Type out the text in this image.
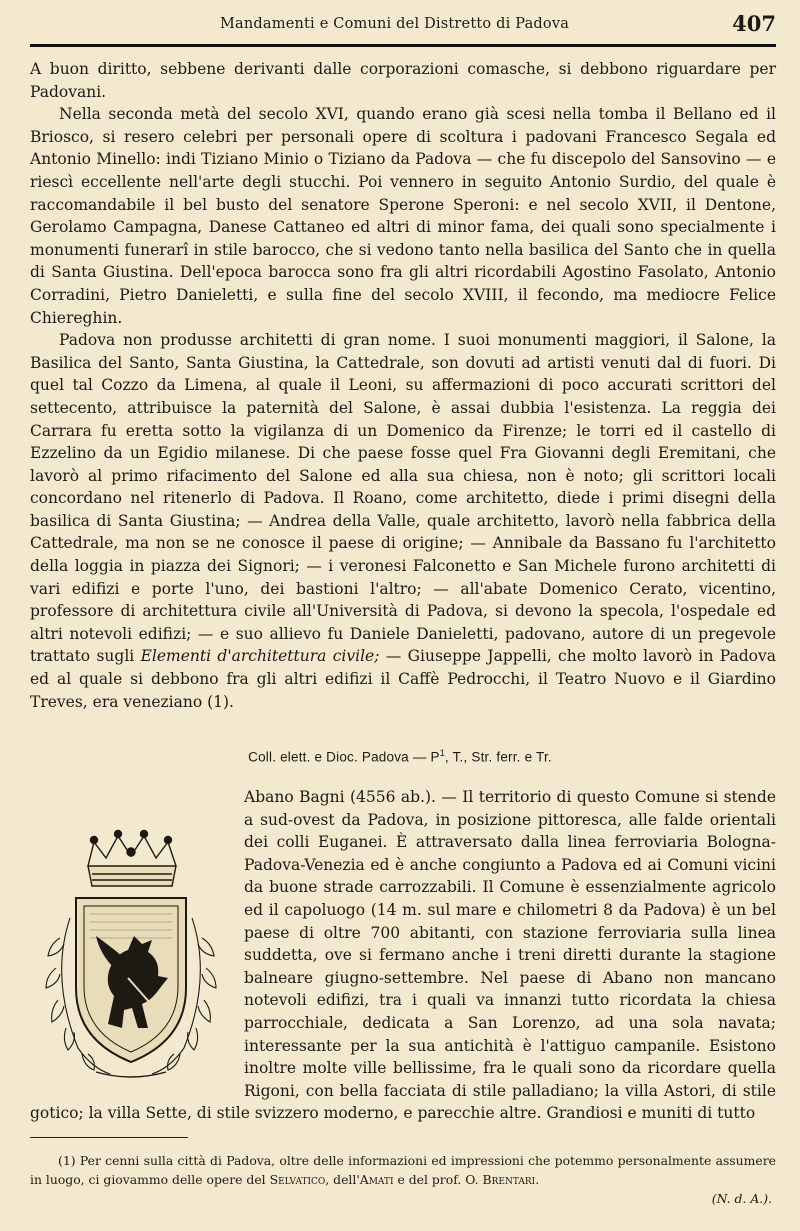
Mandamenti e Comuni del Distretto di Padova	407

A buon diritto, sebbene derivanti dalle corporazioni comasche, si debbono riguardare per Padovani.

Nella seconda metà del secolo XVI, quando erano già scesi nella tomba il Bellano ed il Briosco, si resero celebri per personali opere di scoltura i padovani Francesco Segala ed Antonio Minello: indi Tiziano Minio o Tiziano da Padova — che fu discepolo del Sansovino — e riescì eccellente nell'arte degli stucchi. Poi vennero in seguito Antonio Surdio, del quale è raccomandabile il bel busto del senatore Sperone Speroni: e nel secolo XVII, il Dentone, Gerolamo Campagna, Danese Cattaneo ed altri di minor fama, dei quali sono specialmente i monumenti funerarî in stile barocco, che si vedono tanto nella basilica del Santo che in quella di Santa Giustina. Dell'epoca barocca sono fra gli altri ricordabili Agostino Fasolato, Antonio Corradini, Pietro Danieletti, e sulla fine del secolo XVIII, il fecondo, ma mediocre Felice Chiereghin.

Padova non produsse architetti di gran nome. I suoi monumenti maggiori, il Salone, la Basilica del Santo, Santa Giustina, la Cattedrale, son dovuti ad artisti venuti dal di fuori. Di quel tal Cozzo da Limena, al quale il Leoni, su affermazioni di poco accurati scrittori del settecento, attribuisce la paternità del Salone, è assai dubbia l'esistenza. La reggia dei Carrara fu eretta sotto la vigilanza di un Domenico da Firenze; le torri ed il castello di Ezzelino da un Egidio milanese. Di che paese fosse quel Fra Giovanni degli Eremitani, che lavorò al primo rifacimento del Salone ed alla sua chiesa, non è noto; gli scrittori locali concordano nel ritenerlo di Padova. Il Roano, come architetto, diede i primi disegni della basilica di Santa Giustina; — Andrea della Valle, quale architetto, lavorò nella fabbrica della Cattedrale, ma non se ne conosce il paese di origine; — Annibale da Bassano fu l'architetto della loggia in piazza dei Signori; — i veronesi Falconetto e San Michele furono architetti di vari edifizi e porte l'uno, dei bastioni l'altro; — all'abate Domenico Cerato, vicentino, professore di architettura civile all'Università di Padova, si devono la specola, l'ospedale ed altri notevoli edifizi; — e suo allievo fu Daniele Danieletti, padovano, autore di un pregevole trattato sugli Elementi d'architettura civile; — Giuseppe Jappelli, che molto lavorò in Padova ed al quale si debbono fra gli altri edifizi il Caffè Pedrocchi, il Teatro Nuovo e il Giardino Treves, era veneziano (1).

Coll. elett. e Dioc. Padova — $P^1$, T., Str. ferr. e Tr.

Abano Bagni (4556 ab.). — Il territorio di questo Comune si stende a sud-ovest da Padova, in posizione pittoresca, alle falde orientali dei colli Euganei. È attraversato dalla linea ferroviaria Bologna-Padova-Venezia ed è anche congiunto a Padova ed ai Comuni vicini da buone strade carrozzabili. Il Comune è essenzialmente agricolo ed il capoluogo (14 m. sul mare e chilometri 8 da Padova) è un bel paese di oltre 700 abitanti, con stazione ferroviaria sulla linea suddetta, ove si fermano anche i treni diretti durante la stagione balneare giugno-settembre. Nel paese di Abano non mancano notevoli edifizi, tra i quali va innanzi tutto ricordata la chiesa parrocchiale, dedicata a San Lorenzo, ad una sola navata; interessante per la sua antichità è l'attiguo campanile. Esistono inoltre molte ville bellissime, fra le quali sono da ricordare quella Rigoni, con bella facciata di stile palladiano; la villa Astori, di stile gotico; la villa Sette, di stile svizzero moderno, e parecchie altre. Grandiosi e muniti di tutto

(1) Per cenni sulla città di Padova, oltre delle informazioni ed impressioni che potemmo personalmente assumere in luogo, ci giovammo delle opere del Selvatico, dell'Amati e del prof. O. Brentari.
(N. d. A.).
